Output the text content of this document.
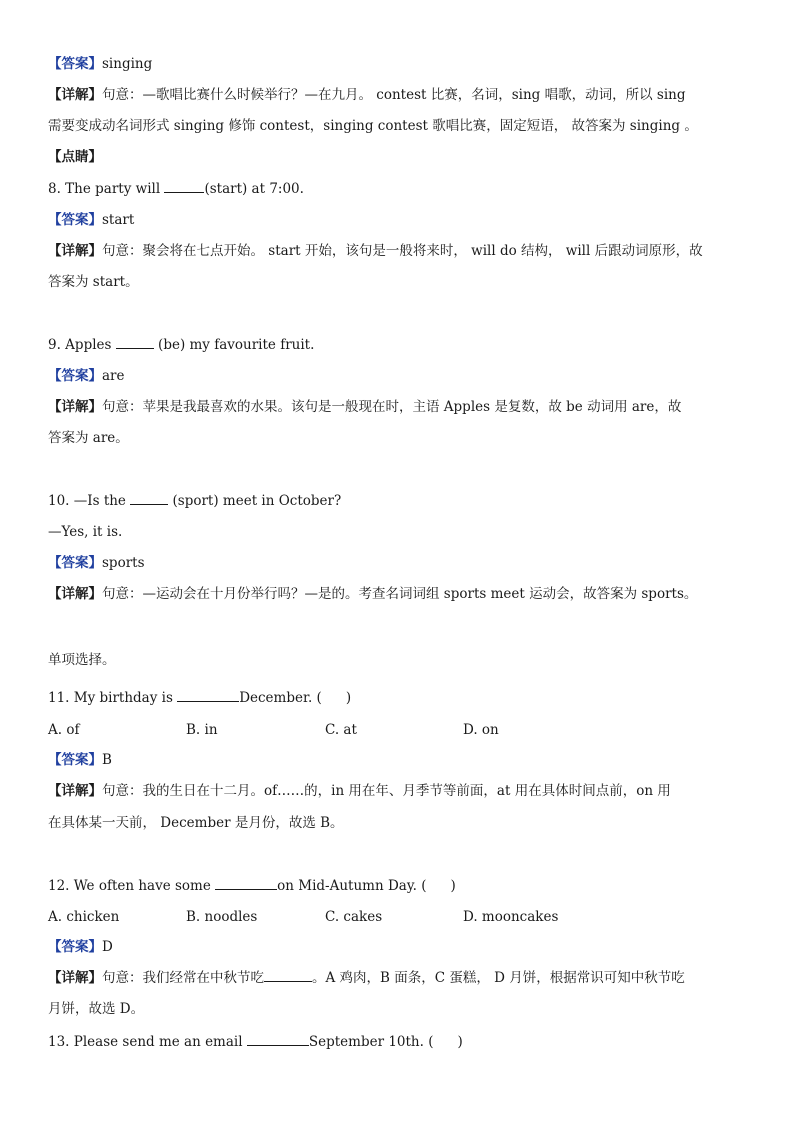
【答案】singing
【详解】句意：—歌唱比赛什么时候举行？—在九月。 contest 比赛，名词，sing 唱歌，动词，所以 sing
需要变成动名词形式 singing 修饰 contest，singing contest 歌唱比赛，固定短语， 故答案为 singing 。
【点睛】
8. The party will	(start) at 7:00.
【答案】start
【详解】句意：聚会将在七点开始。 start 开始，该句是一般将来时， will do 结构， will 后跟动词原形，故
答案为 start。
9. Apples	(be) my favourite fruit.
【答案】are
【详解】句意：苹果是我最喜欢的水果。该句是一般现在时，主语 Apples 是复数，故 be 动词用 are，故
答案为 are。
10. —Is the	(sport) meet in October?
—Yes, it is.
【答案】sports
【详解】句意：—运动会在十月份举行吗？—是的。考查名词词组 sports meet 运动会，故答案为 sports。
单项选择。
11. My birthday is	December. ( )
A. of	B. in	C. at	D. on
【答案】B
【详解】句意：我的生日在十二月。of……的，in 用在年、月季节等前面，at 用在具体时间点前，on 用
在具体某一天前， December 是月份，故选 B。
12. We often have some	on Mid-Autumn Day. ( )
A. chicken	B. noodles	C. cakes	D. mooncakes
【答案】D
【详解】句意：我们经常在中秋节吃	。A 鸡肉，B 面条，C 蛋糕， D 月饼，根据常识可知中秋节吃
月饼，故选 D。
13. Please send me an email	September 10th. ( )
